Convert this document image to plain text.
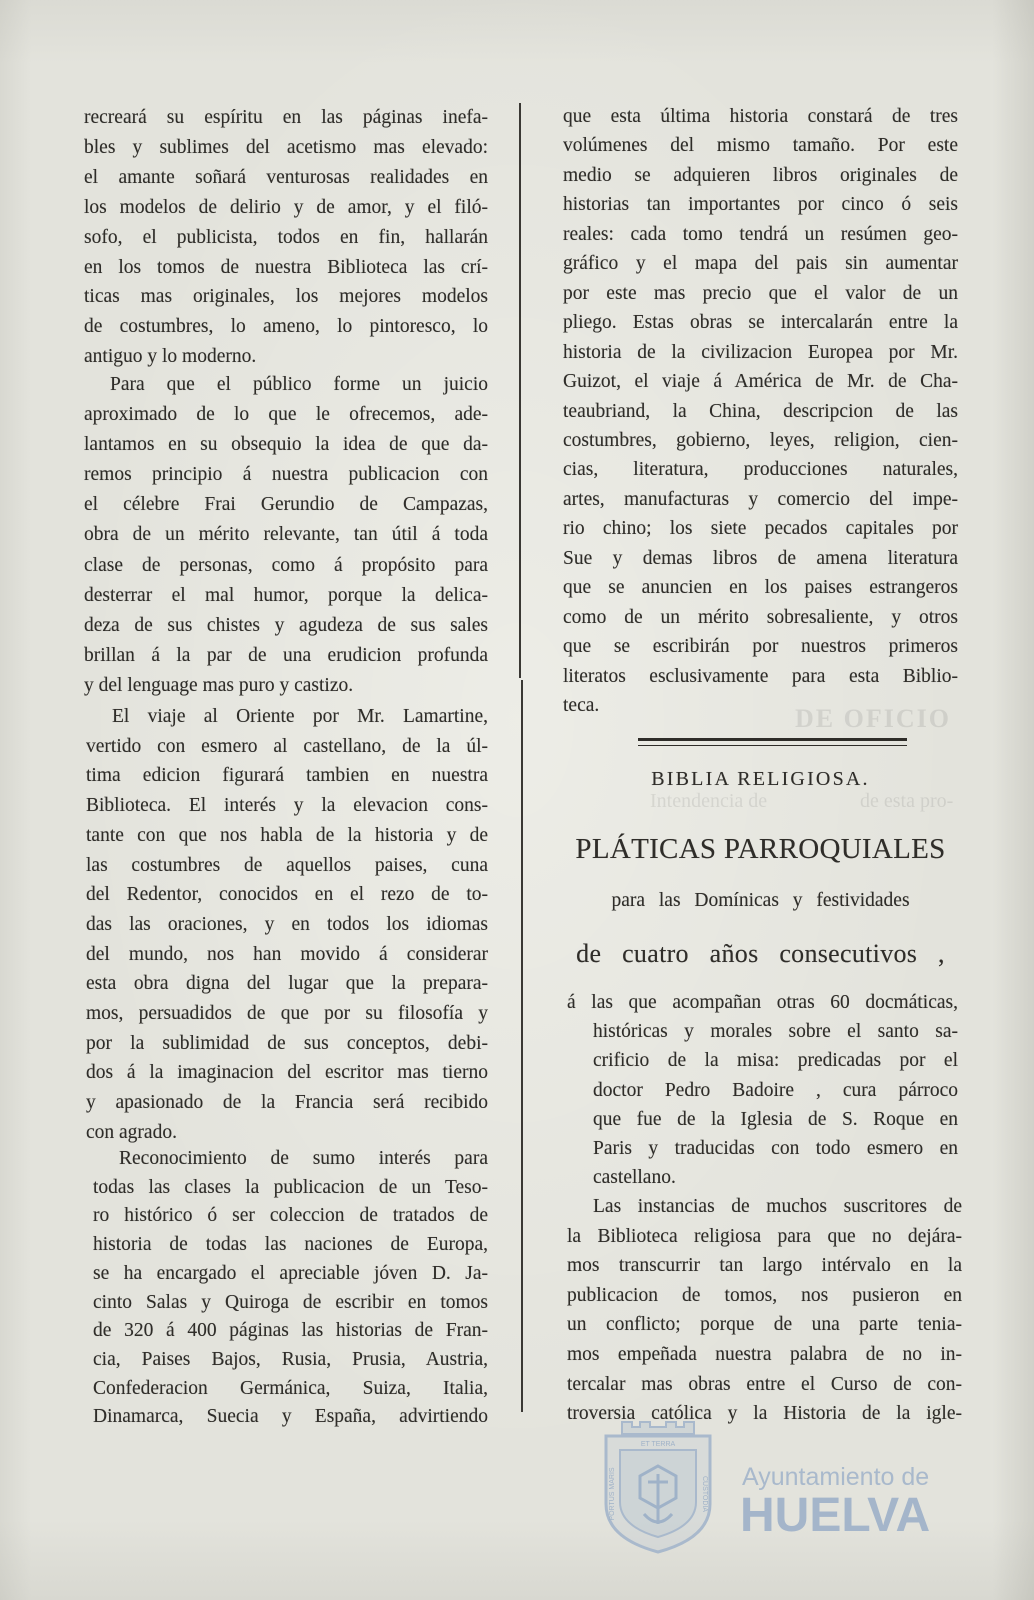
DE OFICIO
Intendencia de	de esta pro-
recreará su espíritu en las páginas inefa-
bles y sublimes del acetismo mas elevado:
el amante soñará venturosas realidades en
los modelos de delirio y de amor, y el filó-
sofo, el publicista, todos en fin, hallarán
en los tomos de nuestra Biblioteca las crí-
ticas mas originales, los mejores modelos
de costumbres, lo ameno, lo pintoresco, lo
antiguo y lo moderno.
Para que el público forme un juicio
aproximado de lo que le ofrecemos, ade-
lantamos en su obsequio la idea de que da-
remos principio á nuestra publicacion con
el célebre Frai Gerundio de Campazas,
obra de un mérito relevante, tan útil á toda
clase de personas, como á propósito para
desterrar el mal humor, porque la delica-
deza de sus chistes y agudeza de sus sales
brillan á la par de una erudicion profunda
y del lenguage mas puro y castizo.
El viaje al Oriente por Mr. Lamartine,
vertido con esmero al castellano, de la úl-
tima edicion figurará tambien en nuestra
Biblioteca. El interés y la elevacion cons-
tante con que nos habla de la historia y de
las costumbres de aquellos paises, cuna
del Redentor, conocidos en el rezo de to-
das las oraciones, y en todos los idiomas
del mundo, nos han movido á considerar
esta obra digna del lugar que la prepara-
mos, persuadidos de que por su filosofía y
por la sublimidad de sus conceptos, debi-
dos á la imaginacion del escritor mas tierno
y apasionado de la Francia será recibido
con agrado.
Reconocimiento de sumo interés para
todas las clases la publicacion de un Teso-
ro histórico ó ser coleccion de tratados de
historia de todas las naciones de Europa,
se ha encargado el apreciable jóven D. Ja-
cinto Salas y Quiroga de escribir en tomos
de 320 á 400 páginas las historias de Fran-
cia, Paises Bajos, Rusia, Prusia, Austria,
Confederacion Germánica, Suiza, Italia,
Dinamarca, Suecia y España, advirtiendo
que esta última historia constará de tres
volúmenes del mismo tamaño. Por este
medio se adquieren libros originales de
historias tan importantes por cinco ó seis
reales: cada tomo tendrá un resúmen geo-
gráfico y el mapa del pais sin aumentar
por este mas precio que el valor de un
pliego. Estas obras se intercalarán entre la
historia de la civilizacion Europea por Mr.
Guizot, el viaje á América de Mr. de Cha-
teaubriand, la China, descripcion de las
costumbres, gobierno, leyes, religion, cien-
cias, literatura, producciones naturales,
artes, manufacturas y comercio del impe-
rio chino; los siete pecados capitales por
Sue y demas libros de amena literatura
que se anuncien en los paises estrangeros
como de un mérito sobresaliente, y otros
que se escribirán por nuestros primeros
literatos esclusivamente para esta Biblio-
teca.
á las que acompañan otras 60 docmáticas,
históricas y morales sobre el santo sa-
crificio de la misa: predicadas por el
doctor Pedro Badoire , cura párroco
que fue de la Iglesia de S. Roque en
Paris y traducidas con todo esmero en
castellano.
Las instancias de muchos suscritores de
la Biblioteca religiosa para que no dejára-
mos transcurrir tan largo intérvalo en la
publicacion de tomos, nos pusieron en
un conflicto; porque de una parte tenia-
mos empeñada nuestra palabra de no in-
tercalar mas obras entre el Curso de con-
troversia católica y la Historia de la igle-
BIBLIA RELIGIOSA.
PLÁTICAS PARROQUIALES
para las Domínicas y festividades
de cuatro años consecutivos ,
ET TERRA
PORTUS MARIS	CUSTODIA Ayuntamiento de
HUELVA
